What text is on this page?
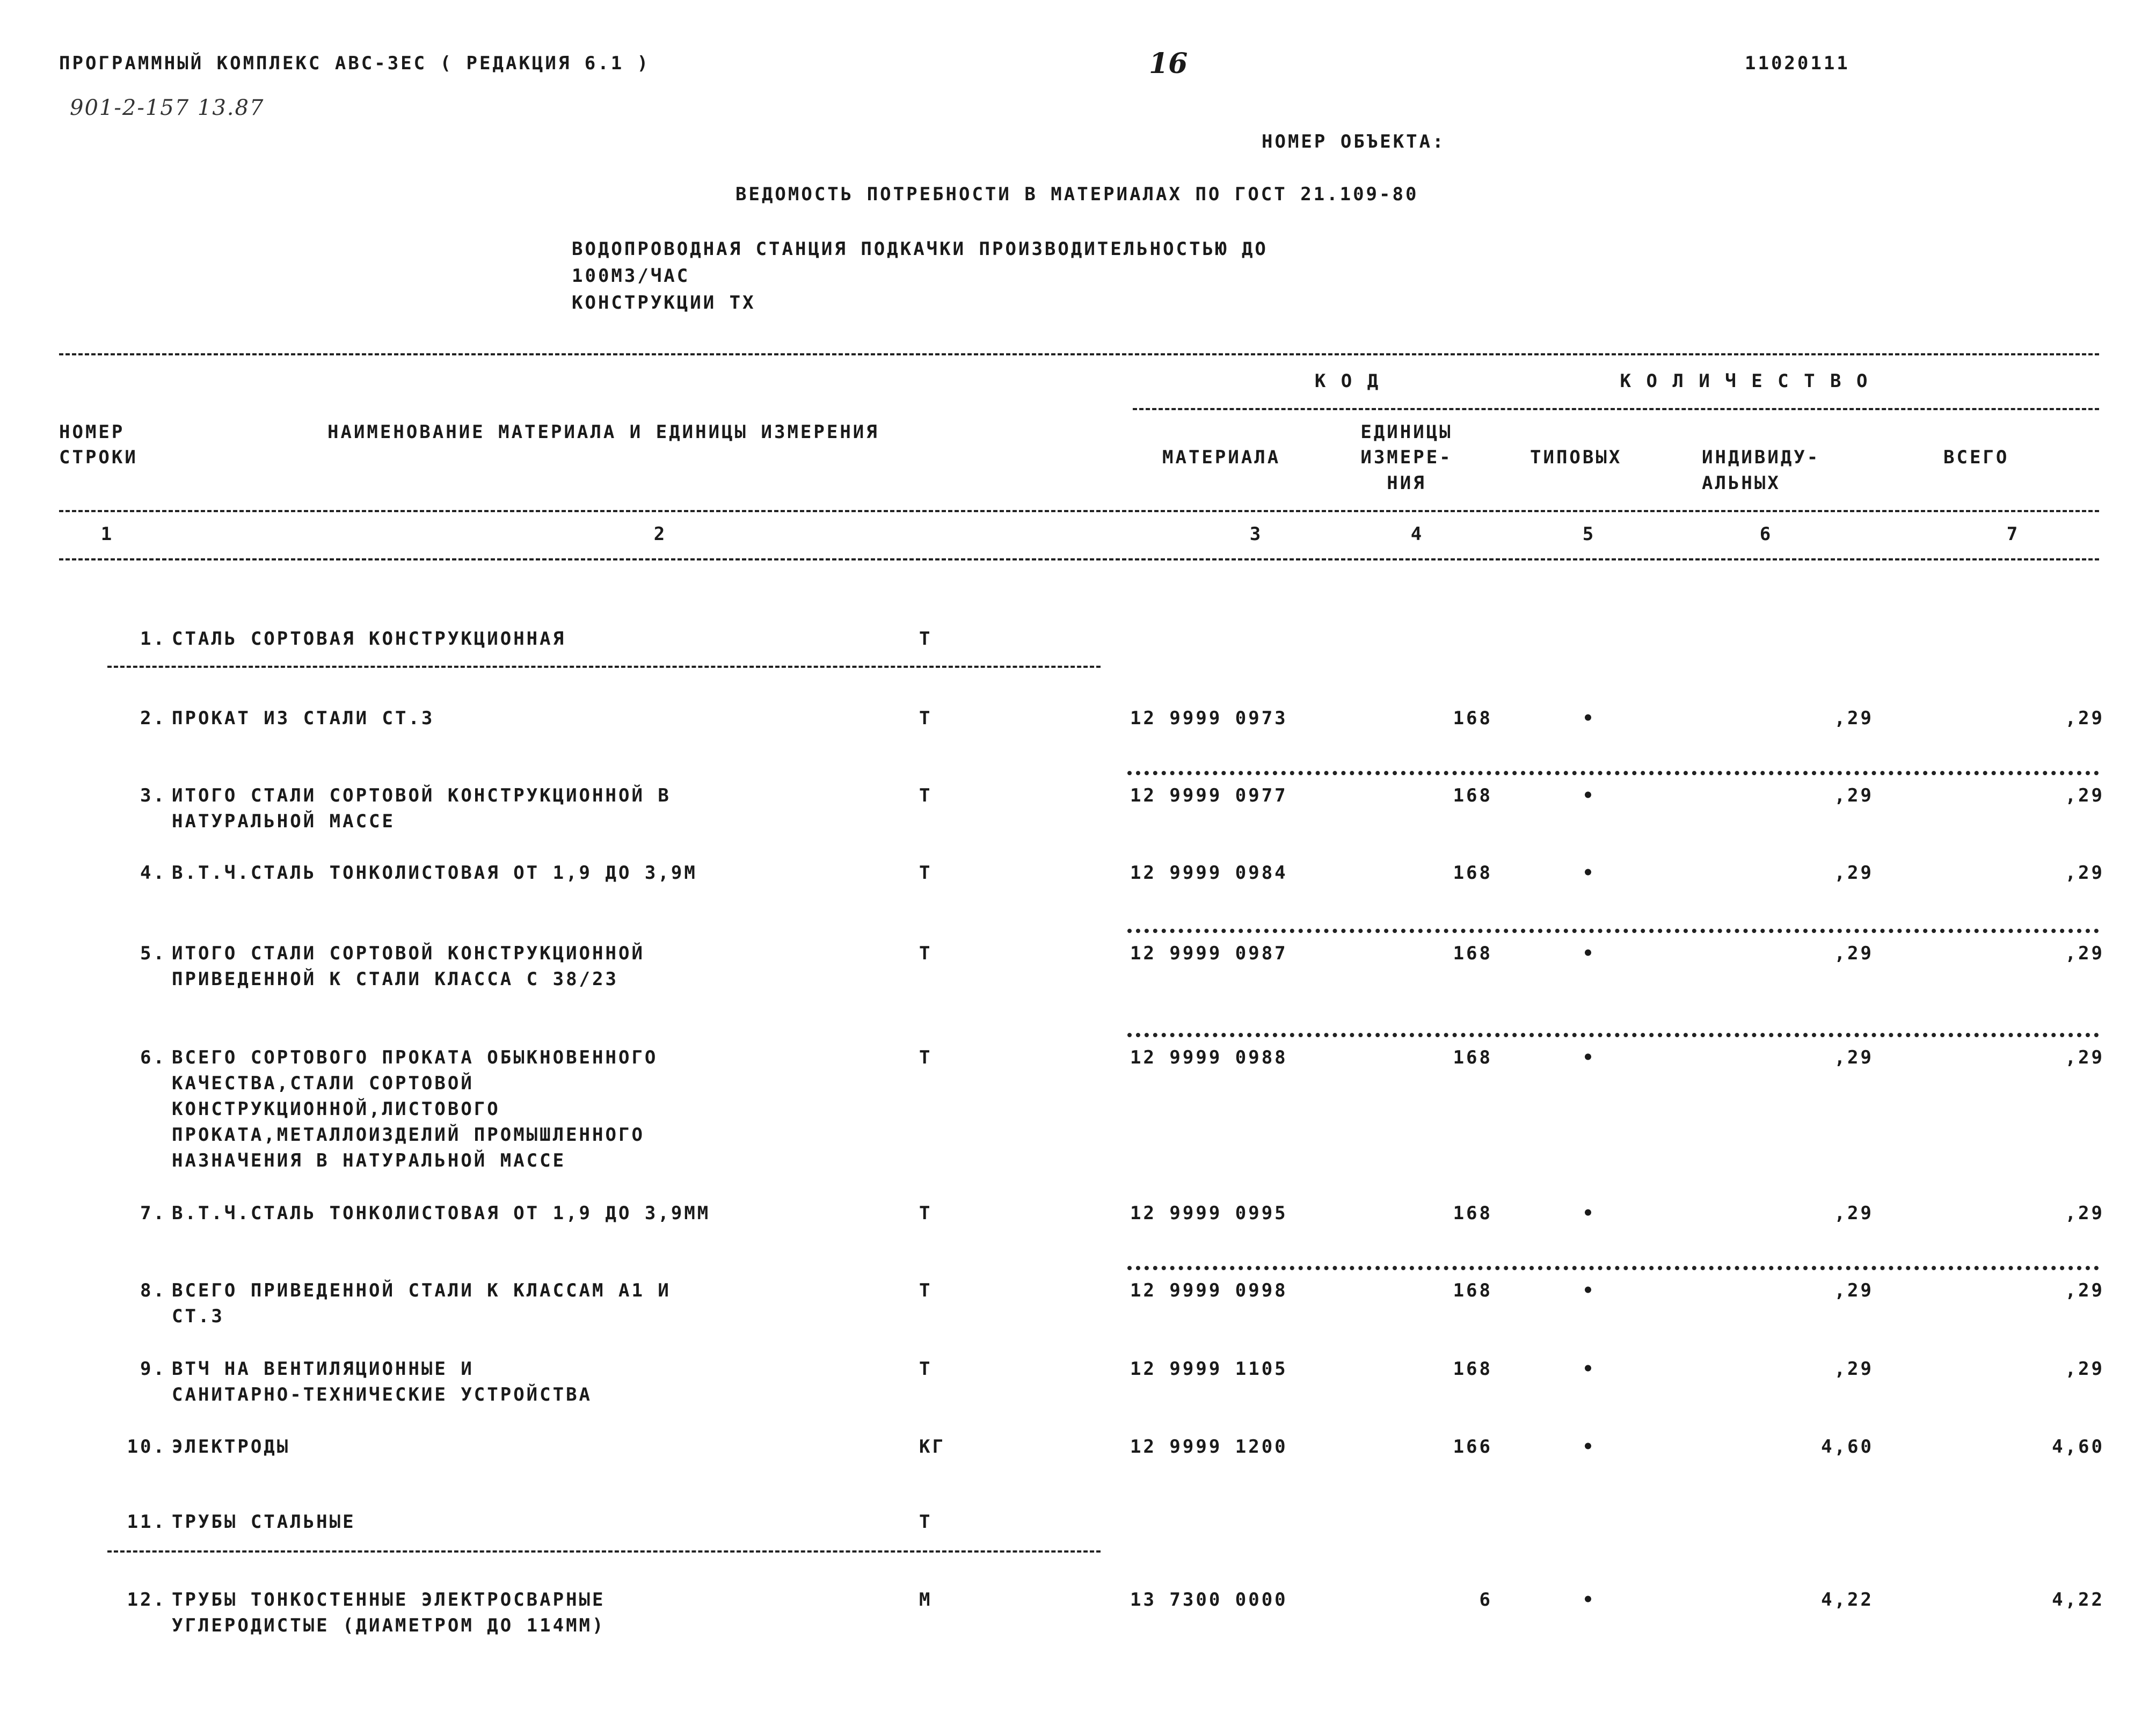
ПРОГРАММНЫЙ КОМПЛЕКС АВС-ЗЕС ( РЕДАКЦИЯ 6.1 )	16	11020111
901-2-157 13.87
НОМЕР ОБЪЕКТА:
ВЕДОМОСТЬ ПОТРЕБНОСТИ В МАТЕРИАЛАХ ПО ГОСТ 21.109-80
ВОДОПРОВОДНАЯ СТАНЦИЯ ПОДКАЧКИ ПРОИЗВОДИТЕЛЬНОСТЬЮ ДО
100М3/ЧАС
КОНСТРУКЦИИ ТХ
К О Д	К О Л И Ч Е С Т В О
НОМЕР
СТРОКИ
НАИМЕНОВАНИЕ МАТЕРИАЛА И ЕДИНИЦЫ ИЗМЕРЕНИЯ
МАТЕРИАЛА
ЕДИНИЦЫ
ИЗМЕРЕ-
НИЯ
ТИПОВЫХ	ИНДИВИДУ-
АЛЬНЫХ
ВСЕГО
1	2	3	4	5	6	7
1. СТАЛЬ СОРТОВАЯ КОНСТРУКЦИОННАЯ	Т
2. ПРОКАТ ИЗ СТАЛИ СТ.3	Т	12 9999 0973	168	•	,29	,29
3. ИТОГО СТАЛИ СОРТОВОЙ КОНСТРУКЦИОННОЙ В
НАТУРАЛЬНОЙ МАССЕ
Т	12 9999 0977	168	•	,29	,29
4. В.Т.Ч.СТАЛЬ ТОНКОЛИСТОВАЯ ОТ 1,9 ДО 3,9М	Т	12 9999 0984	168	•	,29	,29
5. ИТОГО СТАЛИ СОРТОВОЙ КОНСТРУКЦИОННОЙ
ПРИВЕДЕННОЙ К СТАЛИ КЛАССА С 38/23
Т	12 9999 0987	168	•	,29	,29
6. ВСЕГО СОРТОВОГО ПРОКАТА ОБЫКНОВЕННОГО
КАЧЕСТВА,СТАЛИ СОРТОВОЙ
КОНСТРУКЦИОННОЙ,ЛИСТОВОГО
ПРОКАТА,МЕТАЛЛОИЗДЕЛИЙ ПРОМЫШЛЕННОГО
НАЗНАЧЕНИЯ В НАТУРАЛЬНОЙ МАССЕ
Т	12 9999 0988	168	•	,29	,29
7. В.Т.Ч.СТАЛЬ ТОНКОЛИСТОВАЯ ОТ 1,9 ДО 3,9ММ	Т	12 9999 0995	168	•	,29	,29
8. ВСЕГО ПРИВЕДЕННОЙ СТАЛИ К КЛАССАМ А1 И
СТ.3
Т	12 9999 0998	168	•	,29	,29
9. ВТЧ НА ВЕНТИЛЯЦИОННЫЕ И
САНИТАРНО-ТЕХНИЧЕСКИЕ УСТРОЙСТВА
Т	12 9999 1105	168	•	,29	,29
10. ЭЛЕКТРОДЫ	КГ	12 9999 1200	166	•	4,60	4,60
11. ТРУБЫ СТАЛЬНЫЕ	Т
12. ТРУБЫ ТОНКОСТЕННЫЕ ЭЛЕКТРОСВАРНЫЕ
УГЛЕРОДИСТЫЕ (ДИАМЕТРОМ ДО 114ММ)
М	13 7300 0000	6	•	4,22	4,22
